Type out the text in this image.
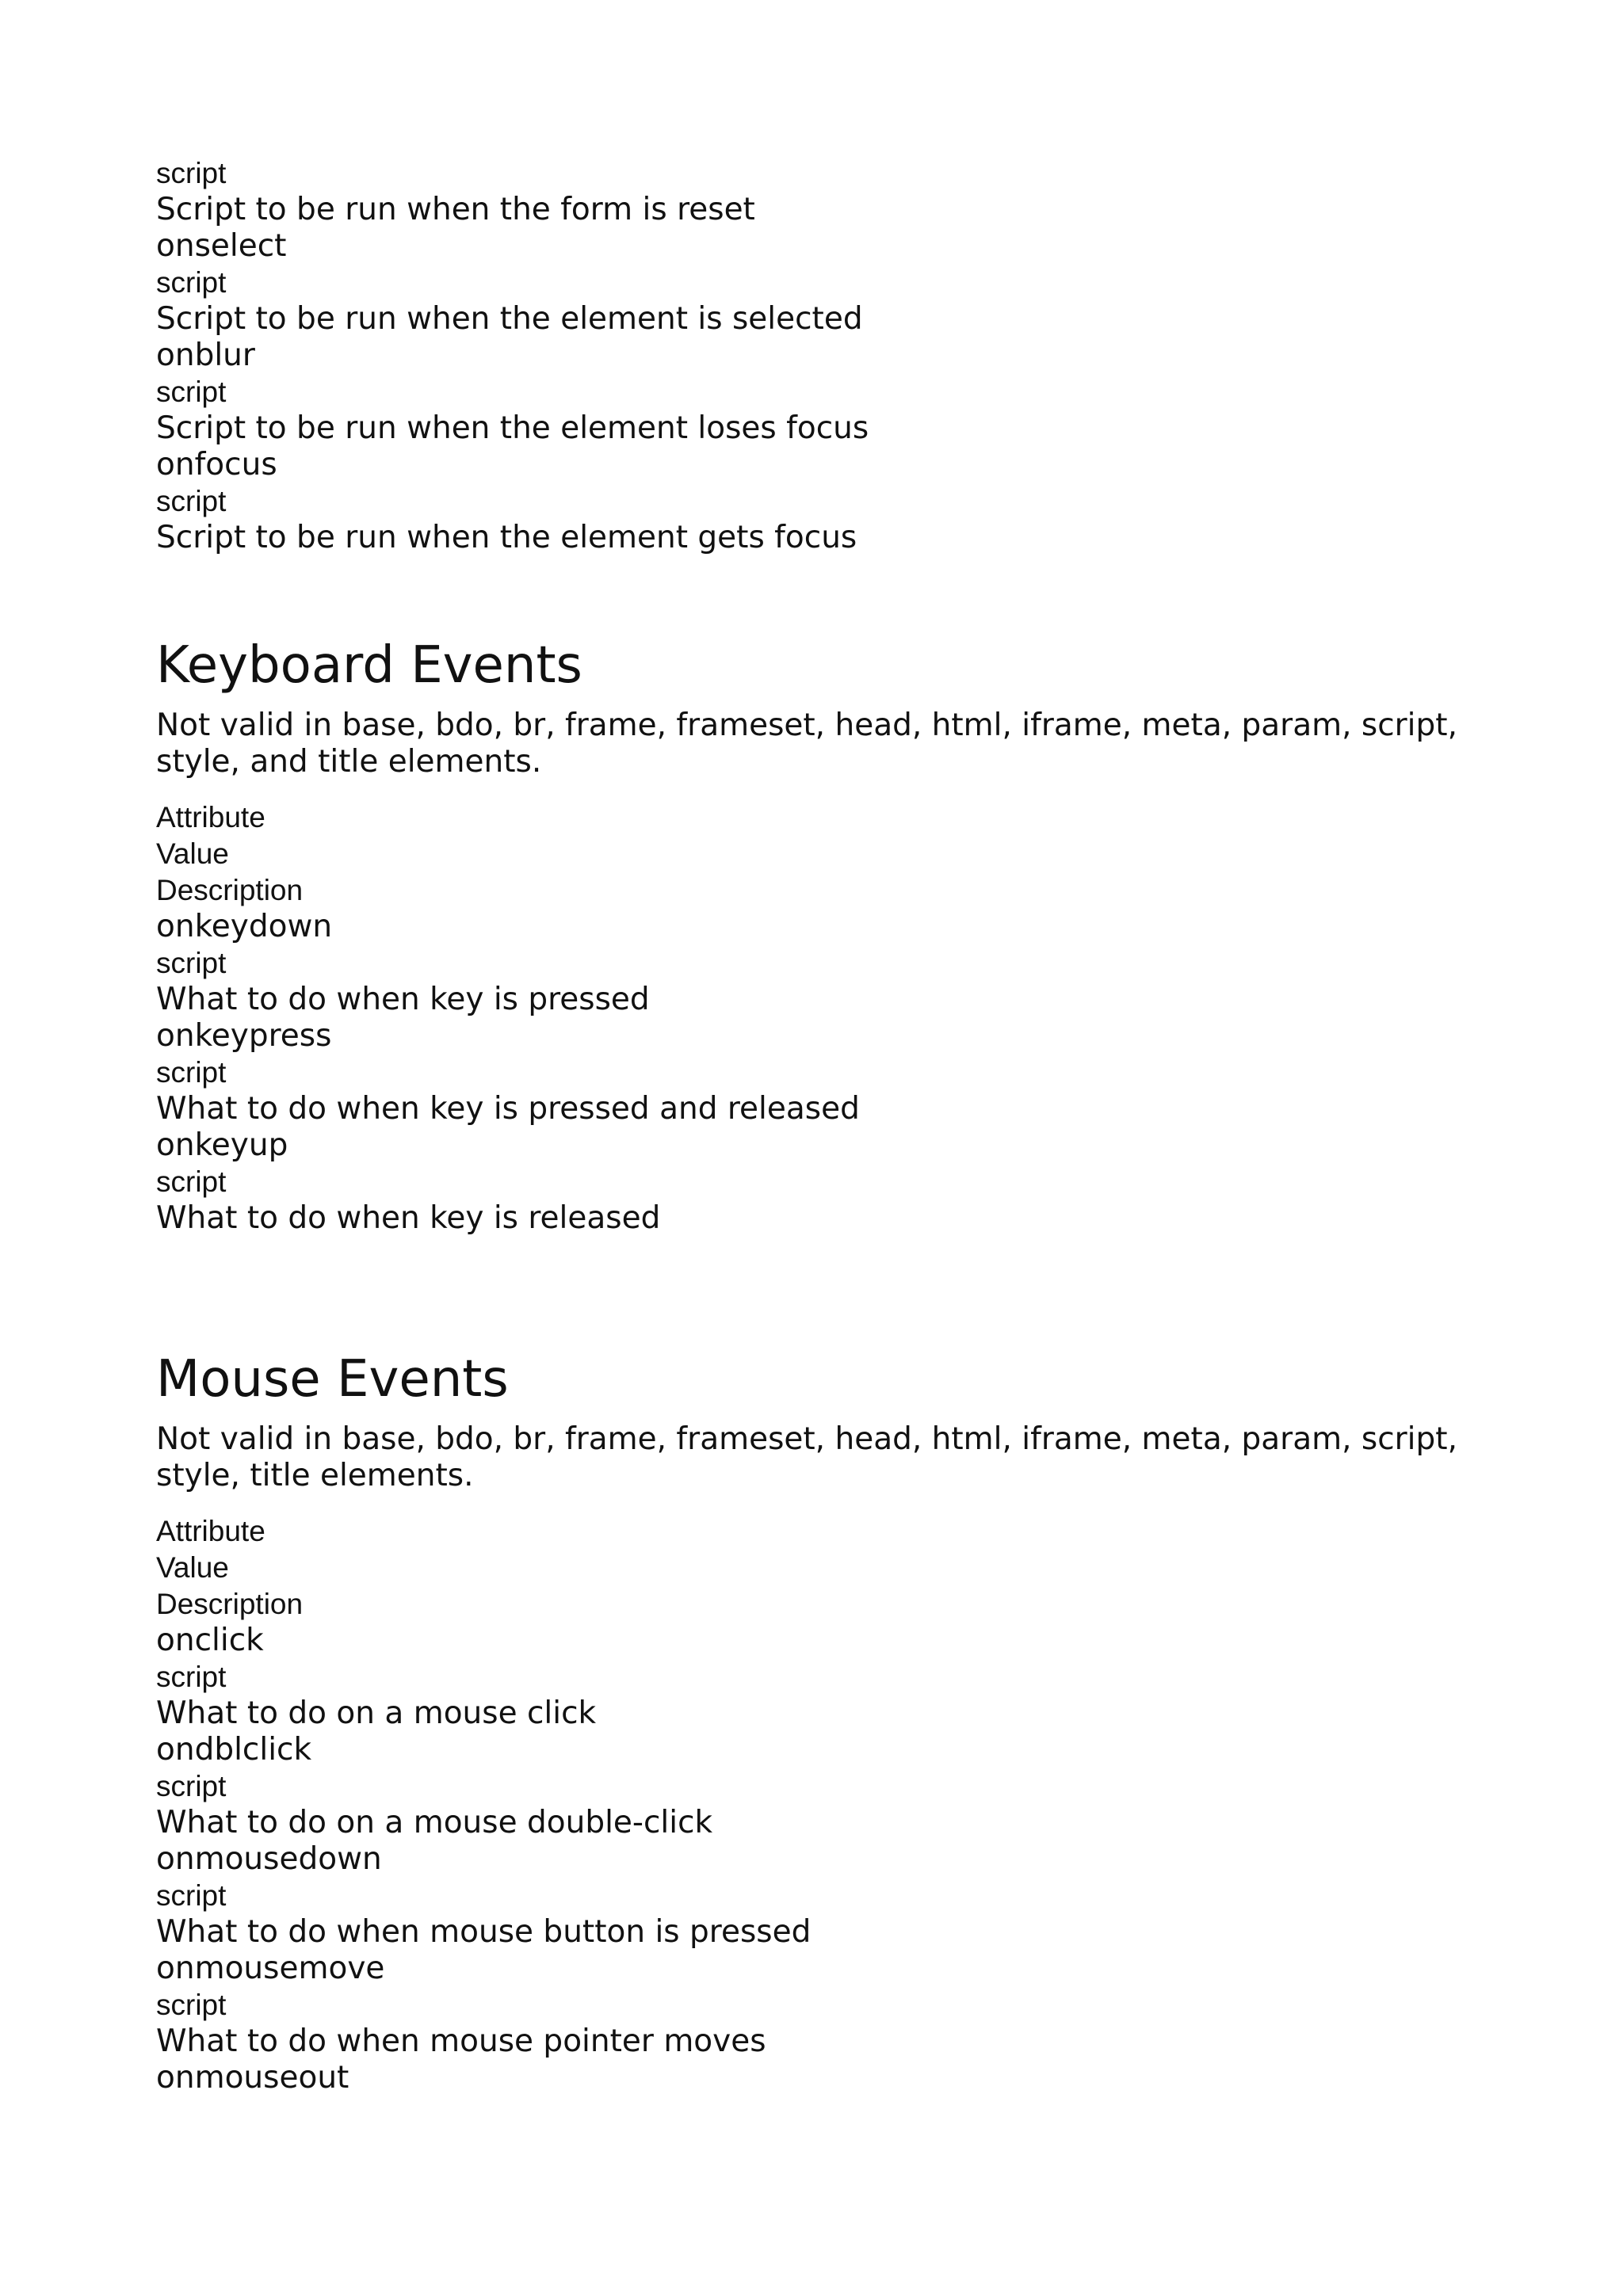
script
Script to be run when the form is reset
onselect
script
Script to be run when the element is selected
onblur
script
Script to be run when the element loses focus
onfocus
script
Script to be run when the element gets focus
Keyboard Events

Not valid in base, bdo, br, frame, frameset, head, html, iframe, meta, param, script, style, and title elements.

Attribute
Value
Description
onkeydown
script
What to do when key is pressed
onkeypress
script
What to do when key is pressed and released
onkeyup
script
What to do when key is released
Mouse Events

Not valid in base, bdo, br, frame, frameset, head, html, iframe, meta, param, script, style, title elements.

Attribute
Value
Description
onclick
script
What to do on a mouse click
ondblclick
script
What to do on a mouse double-click
onmousedown
script
What to do when mouse button is pressed
onmousemove
script
What to do when mouse pointer moves
onmouseout
